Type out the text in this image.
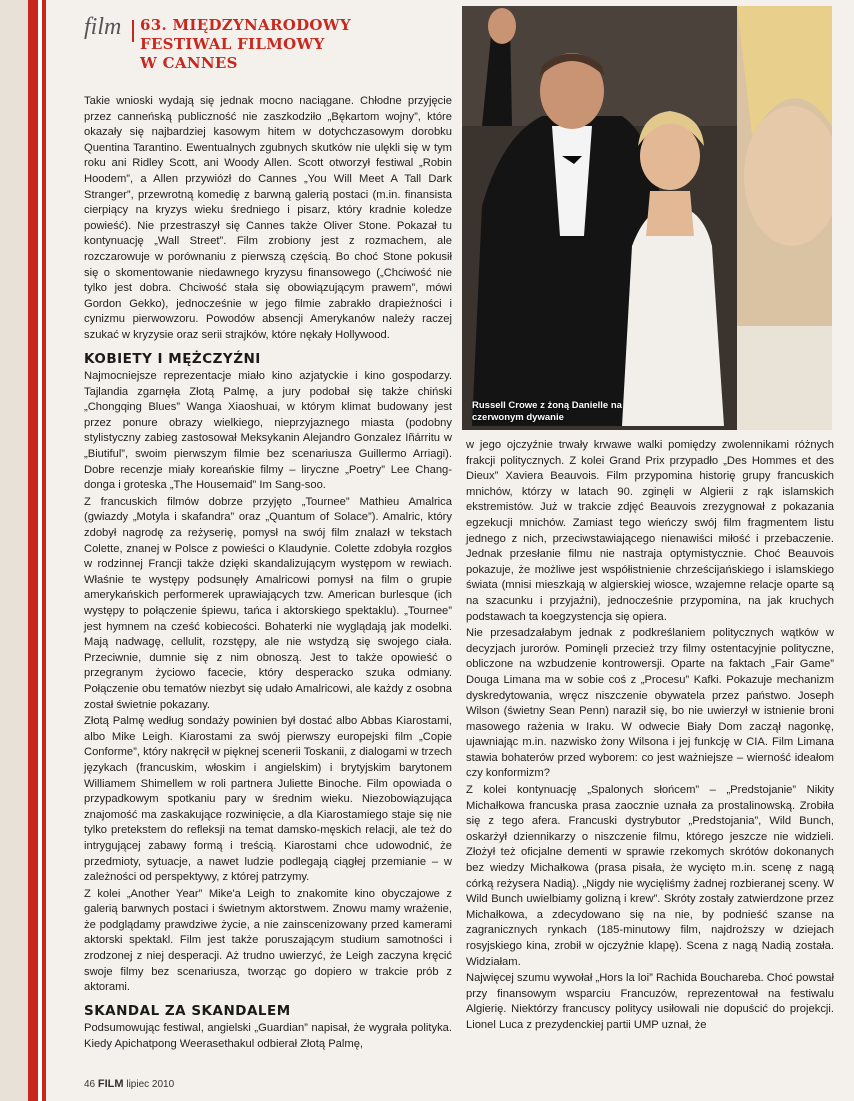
film 63. MIĘDZYNARODOWY
FESTIWAL FILMOWY
W CANNES
Russell Crowe z żoną Danielle na czerwonym dywanie

Takie wnioski wydają się jednak mocno naciągane. Chłodne przyjęcie przez canneńską publiczność nie zaszkodziło „Bękartom wojny”, które okazały się najbardziej kasowym hitem w dotychczasowym dorobku Quentina Tarantino. Ewentualnych zgubnych skutków nie ulękli się w tym roku ani Ridley Scott, ani Woody Allen. Scott otworzył festiwal „Robin Hoodem”, a Allen przywiózł do Cannes „You Will Meet A Tall Dark Stranger”, przewrotną komedię z barwną galerią postaci (m.in. finansista cierpiący na kryzys wieku średniego i pisarz, który kradnie koledze powieść). Nie przestraszył się Cannes także Oliver Stone. Pokazał tu kontynuację „Wall Street”. Film zrobiony jest z rozmachem, ale rozczarowuje w porównaniu z pierwszą częścią. Bo choć Stone pokusił się o skomentowanie niedawnego kryzysu finansowego („Chciwość nie tylko jest dobra. Chciwość stała się obowiązującym prawem”, mówi Gordon Gekko), jednocześnie w jego filmie zabrakło drapieżności i cynizmu pierwowzoru. Powodów absencji Amerykanów należy raczej szukać w kryzysie oraz serii strajków, które nękały Hollywood.

KOBIETY I MĘŻCZYŹNI

Najmocniejsze reprezentacje miało kino azjatyckie i kino gospodarzy. Tajlandia zgarnęła Złotą Palmę, a jury podobał się także chiński „Chongqing Blues” Wanga Xiaoshuai, w którym klimat budowany jest przez ponure obrazy wielkiego, nieprzyjaznego miasta (podobny stylistyczny zabieg zastosował Meksykanin Alejandro Gonzalez Iñárritu w „Biutiful”, swoim pierwszym filmie bez scenariusza Guillermo Arriagi). Dobre recenzje miały koreańskie filmy – liryczne „Poetry” Lee Chang-donga i groteska „The Housemaid” Im Sang-soo.

Z francuskich filmów dobrze przyjęto „Tournee” Mathieu Amalrica (gwiazdy „Motyla i skafandra” oraz „Quantum of Solace”). Amalric, który zdobył nagrodę za reżyserię, pomysł na swój film znalazł w tekstach Colette, znanej w Polsce z powieści o Klaudynie. Colette zdobyła rozgłos w rodzinnej Francji także dzięki skandalizującym występom w rewiach. Właśnie te występy podsunęły Amalricowi pomysł na film o grupie amerykańskich performerek uprawiających tzw. American burlesque (ich występy to połączenie śpiewu, tańca i aktorskiego spektaklu). „Tournee” jest hymnem na cześć kobiecości. Bohaterki nie wyglądają jak modelki. Mają nadwagę, cellulit, rozstępy, ale nie wstydzą się swojego ciała. Przeciwnie, dumnie się z nim obnoszą. Jest to także opowieść o przegranym życiowo facecie, który desperacko szuka odmiany. Połączenie obu tematów niezbyt się udało Amalricowi, ale każdy z osobna został świetnie pokazany.

Złotą Palmę według sondaży powinien był dostać albo Abbas Kiarostami, albo Mike Leigh. Kiarostami za swój pierwszy europejski film „Copie Conforme”, który nakręcił w pięknej scenerii Toskanii, z dialogami w trzech językach (francuskim, włoskim i angielskim) i brytyjskim barytonem Williamem Shimellem w roli partnera Juliette Binoche. Film opowiada o przypadkowym spotkaniu pary w średnim wieku. Niezobowiązująca znajomość ma zaskakujące rozwinięcie, a dla Kiarostamiego staje się nie tylko pretekstem do refleksji na temat damsko-męskich relacji, ale też do intrygującej zabawy formą i treścią. Kiarostami chce udowodnić, że przedmioty, sytuacje, a nawet ludzie podlegają ciągłej przemianie – w zależności od perspektywy, z której patrzymy.

Z kolei „Another Year” Mike'a Leigh to znakomite kino obyczajowe z galerią barwnych postaci i świetnym aktorstwem. Znowu mamy wrażenie, że podglądamy prawdziwe życie, a nie zainscenizowany przed kamerami aktorski spektakl. Film jest także poruszającym studium samotności i zrodzonej z niej desperacji. Aż trudno uwierzyć, że Leigh zaczyna kręcić swoje filmy bez scenariusza, tworząc go dopiero w trakcie prób z aktorami.

SKANDAL ZA SKANDALEM

Podsumowując festiwal, angielski „Guardian” napisał, że wygrała polityka. Kiedy Apichatpong Weerasethakul odbierał Złotą Palmę,

w jego ojczyźnie trwały krwawe walki pomiędzy zwolennikami różnych frakcji politycznych. Z kolei Grand Prix przypadło „Des Hommes et des Dieux” Xaviera Beauvois. Film przypomina historię grupy francuskich mnichów, którzy w latach 90. zginęli w Algierii z rąk islamskich ekstremistów. Już w trakcie zdjęć Beauvois zrezygnował z pokazania egzekucji mnichów. Zamiast tego wieńczy swój film fragmentem listu jednego z nich, przeciwstawiającego nienawiści miłość i przebaczenie. Jednak przesłanie filmu nie nastraja optymistycznie. Choć Beauvois pokazuje, że możliwe jest współistnienie chrześcijańskiego i islamskiego świata (mnisi mieszkają w algierskiej wiosce, wzajemne relacje oparte są na szacunku i przyjaźni), jednocześnie przypomina, na jak kruchych podstawach ta koegzystencja się opiera.

Nie przesadzałabym jednak z podkreślaniem politycznych wątków w decyzjach jurorów. Pominęli przecież trzy filmy ostentacyjnie polityczne, obliczone na wzbudzenie kontrowersji. Oparte na faktach „Fair Game” Douga Limana ma w sobie coś z „Procesu” Kafki. Pokazuje mechanizm dyskredytowania, wręcz niszczenie obywatela przez państwo. Joseph Wilson (świetny Sean Penn) naraził się, bo nie uwierzył w istnienie broni masowego rażenia w Iraku. W odwecie Biały Dom zaczął nagonkę, ujawniając m.in. nazwisko żony Wilsona i jej funkcję w CIA. Film Limana stawia bohaterów przed wyborem: co jest ważniejsze – wierność ideałom czy konformizm?

Z kolei kontynuację „Spalonych słońcem” – „Predstojanie” Nikity Michałkowa francuska prasa zaocznie uznała za prostalinowską. Zrobiła się z tego afera. Francuski dystrybutor „Predstojania”, Wild Bunch, oskarżył dziennikarzy o niszczenie filmu, którego jeszcze nie widzieli. Złożył też oficjalne dementi w sprawie rzekomych skrótów dokonanych bez wiedzy Michałkowa (prasa pisała, że wycięto m.in. scenę z nagą córką reżysera Nadią). „Nigdy nie wycięliśmy żadnej rozbieranej sceny. W Wild Bunch uwielbiamy golizną i krew”. Skróty zostały zatwierdzone przez Michałkowa, a zdecydowano się na nie, by podnieść szanse na zagranicznych rynkach (185-minutowy film, najdroższy w dziejach rosyjskiego kina, zrobił w ojczyźnie klapę). Scena z nagą Nadią została. Widziałam.

Najwięcej szumu wywołał „Hors la loi” Rachida Bouchareba. Choć powstał przy finansowym wsparciu Francuzów, reprezentował na festiwalu Algierię. Niektórzy francuscy politycy usiłowali nie dopuścić do projekcji. Lionel Luca z prezydenckiej partii UMP uznał, że

46 FILM lipiec 2010
